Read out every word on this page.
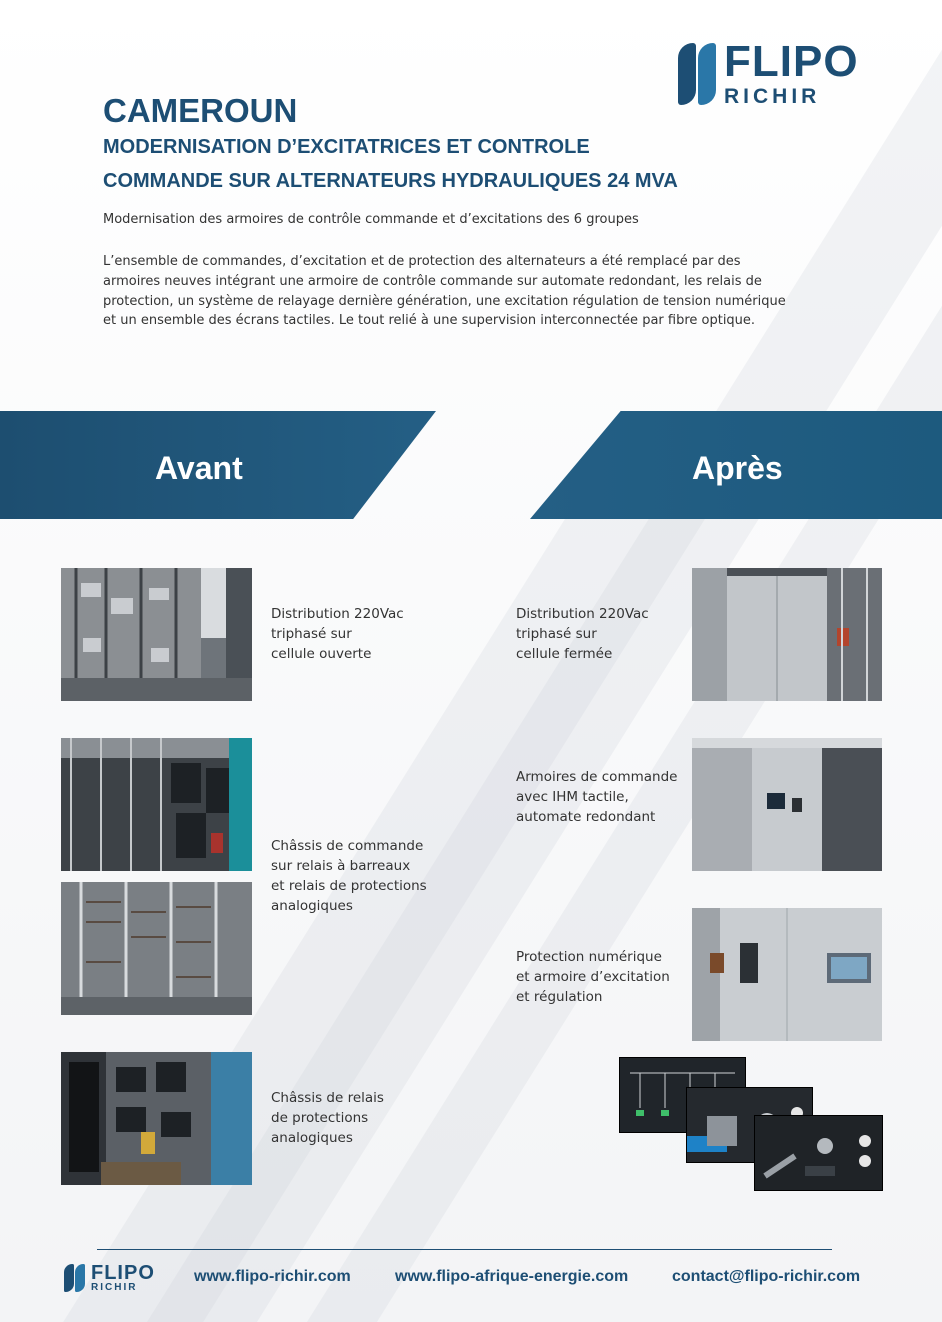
FLIPO
RICHIR
CAMEROUN
MODERNISATION D’EXCITATRICES ET CONTROLE
COMMANDE SUR ALTERNATEURS HYDRAULIQUES 24 MVA

Modernisation des armoires de contrôle commande et d’excitations des 6 groupes

L’ensemble de commandes, d’excitation et de protection des alternateurs a été remplacé par des armoires neuves intégrant une armoire de contrôle commande sur automate redondant, les relais de protection, un système de relayage dernière génération, une excitation régulation de tension numérique et un ensemble des écrans tactiles. Le tout relié à une supervision interconnectée par fibre optique.

Avant	Après

Distribution 220Vac
triphasé sur
cellule ouverte

Châssis de commande
sur relais à barreaux
et relais de protections
analogiques

Châssis de relais
de protections
analogiques

Distribution 220Vac
triphasé sur
cellule fermée

Armoires de commande
avec IHM tactile,
automate redondant

Protection numérique
et armoire d’excitation
et régulation

FLIPO
RICHIR
www.flipo-richir.com	www.flipo-afrique-energie.com	contact@flipo-richir.com
